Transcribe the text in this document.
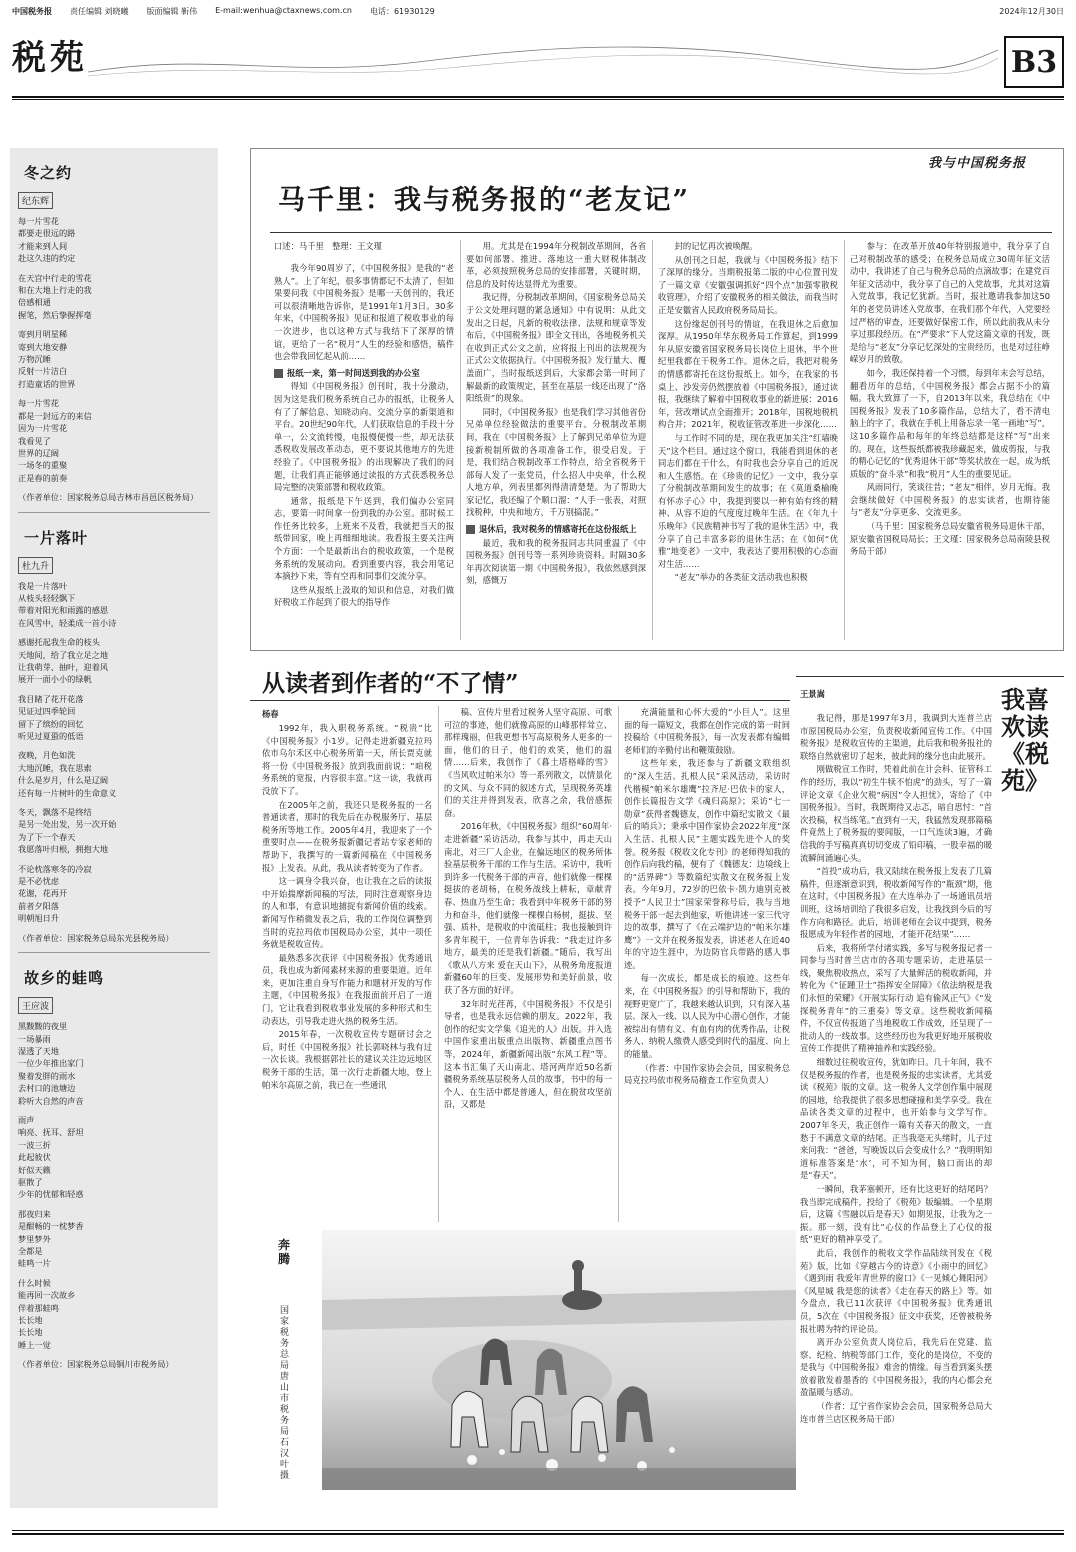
中国税务报 责任编辑 刘晓曦 版面编辑 靳伟 E-mail:wenhua@ctaxnews.com.cn 电话：61930129	2024年12月30日
税苑	B3
冬之约
纪东辉
每一片雪花
都要走很远的路
才能来到人间
赴这久违的约定
在天宫中行走的雪花
和在大地上行走的我
倍感相通
握笔，然后挚握挥毫
寄到月明星稀
寄到大地安静
万物沉睡
反射一片洁白
打造童话的世界
每一片雪花
都是一封远方的来信
因为一片雪花
我看见了
世界的辽阔
一场冬的重聚
正是春的前奏
（作者单位：国家税务总局吉林市昌邑区税务局）
一片落叶
杜九升
我是一片落叶
从枝头轻轻飘下
带着对阳光和雨露的感恩
在风雪中，轻柔成一首小诗
感谢托起我生命的枝头
天地间，给了我立足之地
让我萌芽、抽叶，迎着风
展开一面小小的绿帆
我目睹了花开花落
见证过四季轮回
留下了缤纷的回忆
听见过夏蛩的低语
夜晚，月色如洗
大地沉睡，我在思索
什么是岁月，什么是辽阔
还有每一片树叶的生命意义
冬天，飘落不是终结
是另一处出发，另一次开始
为了下一个春天
我愿落叶归根，拥抱大地
不论枕落寒冬的冷寂
是不必忧虑
花谢，花再开
前者夕阳落
明朝旭日升
（作者单位：国家税务总局东光县税务局）
故乡的蛙鸣
王应波
黑黢黢的夜里
一场暴雨
湿透了天地
一位少年推出家门
聚着发胖的雨水
去村口的池塘边
聆听大自然的声音
雨声
响亮、抚耳、舒坦
一波三折
此起彼伏
好似天籁
驱散了
少年的忧郁和轻惑
那夜归来
是酣畅的一枕梦香
梦里梦外
全都是
蛙鸣一片
什么时候
能再回一次故乡
伴着那蛙鸣
长长地
长长地
睡上一觉
（作者单位：国家税务总局铜川市税务局）
我与中国税务报
马千里：我与税务报的“老友记”
口述：马千里　整理：王文瑾

我今年90周岁了，《中国税务报》是我的“老熟人”。上了年纪，很多事情都记不太清了，但如果要问我《中国税务报》是哪一天创刊的，我还可以很清晰地告诉你，是1991年1月3日。30多年来，《中国税务报》见证和报道了税收事业的每一次进步，也以这种方式与我结下了深厚的情谊，更给了一名“税月”人生的经验和感悟，稿件也会带我回忆起从前……

报纸一来，第一时间送到我的办公室

得知《中国税务报》创刊时，我十分激动，因为这是我们税务系统自己办的报纸，让税务人有了了解信息、知晓动向、交流分享的新渠道和平台。20世纪90年代，人们获取信息的手段十分单一，公文流转慢，电报慢便慢一些，却无法获悉税收发展改革动态，更不要说其他地方的先进经验了。《中国税务报》的出现解决了我们的问题，让我们真正能够通过读报的方式获悉税务总局完整的决策部署和税收政策。

通常，报纸是下午送到，我们偏办公室同志，要第一时间拿一份到我的办公室。那时候工作任务比较多，上班来不及看，我就把当天的报纸带回家，晚上再细细地读。我看报主要关注两个方面：一个是最新出台的税收政策，一个是税务系统的发展动向。看到重要内容，我会用笔记本摘抄下来，等有空再和同事们交流分享。

这些从报纸上汲取的知识和信息，对我们做好税收工作起到了很大的指导作

用。尤其是在1994年分税制改革期间，各省要如何部署、推进、落地这一重大财税体制改革，必须按照税务总局的安排部署，关键时期，信息的及时传达显得尤为重要。

我记得，分税制改革期间，《国家税务总局关于公文处理问题的紧急通知》中有说明：从此文发出之日起，凡新的税收法律、法规和规章等发布后，《中国税务报》即全文刊出，各地税务机关在收到正式公文之前，应将报上刊出的法规视为正式公文依据执行。《中国税务报》发行量大、覆盖面广，当时报纸送到后，大家都会第一时间了解最新的政策规定，甚至在基层一线还出现了“洛阳纸贵”的现象。

同时，《中国税务报》也是我们学习其他省份兄弟单位经验做法的重要平台。分税制改革期间，我在《中国税务报》上了解到兄弟单位为迎接新税制所做的各项准备工作，很受启发。于是，我们结合税制改革工作特点，给全省税务干部每人发了一张党员，什么招人中央单，什么税人地方单，列表里都列得清清楚楚。为了帮助大家记忆，我还编了个顺口溜：“人手一张表，对照找税种，中央和地方，千万别搞混。”

退休后，我对税务的情感寄托在这份报纸上

最近，我和我的税务报同志共同重温了《中国税务报》创刊号等一系列珍贵资料。时隔30多年再次阅读第一期《中国税务报》，我依然感到深刻，感慨万

封的记忆再次被唤醒。

从创刊之日起，我就与《中国税务报》结下了深厚的缘分。当期税报第二版的中心位置刊发了一篇文章《安徽强调抓好“四个点”加强零散税收管理》，介绍了安徽税务的相关做法，而我当时正是安徽省人民政府税务局局长。

这份缘起创刊号的情谊，在我退休之后愈加深厚。从1950年华东税务局工作算起，到1999年从原安徽省国家税务局长岗位上退休，半个世纪里我都在干税务工作。退休之后，我把对税务的情感都寄托在这份报纸上。如今，在我家的书桌上、沙发旁仍然摆放着《中国税务报》，通过读报，我继续了解着中国税收事业的新进展：2016年，营改增试点全面推开；2018年，国税地税机构合并；2021年，税收征管改革进一步深化……

与工作时不同的是，现在我更加关注“红墙晚天”这个栏目。通过这个窗口，我能看到退休的老同志们都在干什么，有时我也会分享自己的近况和人生感悟。在《珍贵的记忆》一文中，我分享了分税制改革期间发生的故事；在《莫道桑榆晚 有怀赤子心》中，我提到要以一种有始有终的精神、从容不迫的气度度过晚年生活。在《年九十 乐晚年》《民族精神书写了我的退休生活》中，我分享了自己丰富多彩的退休生活；在《如何“优雅”地变老》一文中，我表达了要用积极的心态面对生活……

“老友”举办的各类征文活动我也积极

参与：在改革开放40年特别报道中，我分享了自己对税制改革的感受；在税务总局成立30周年征文活动中，我讲述了自己与税务总局的点滴故事；在建党百年征文活动中，我分享了自己的入党故事，尤其对这篇入党故事，我记忆犹新。当时，报社邀请我参加这50年的老党员讲述入党故事，在我们那个年代，入党要经过严格的审查，还要做好保密工作，所以此前我从未分享过那段经历。在“严要求”下人党这篇文章的刊发，既是给与“老友”分享记忆深处的宝贵经历，也是对过往峥嵘岁月的致敬。

如今，我还保持着一个习惯，每到年末会写总结，翻看历年的总结，《中国税务报》都会占据不小的篇幅。我大致算了一下，自2013年以来，我总结在《中国税务报》发表了10多篇作品，总结大了，看不清电脑上的字了，我就在手机上用备忘录一笔一画地“写”，这10多篇作品和每年的年终总结都是这样“写”出来的。现在，这些报纸都被我珍藏起来，做成剪报，与我的精心记忆的“优秀退休干部”等奖状放在一起，成为纸质版的“奋斗录”和我“税月”人生的重要见证。

风雨同行，笑谈往昔；“老友”相伴，岁月无悔。我会继续做好《中国税务报》的忠实读者，也期待能与“老友”分享更多、交流更多。

（马千里：国家税务总局安徽省税务局退休干部，原安徽省国税局局长；王文瑾：国家税务总局南陵县税务局干部）

从读者到作者的“不了情”
杨春

1992年，我入职税务系统。“税贵”比《中国税务报》小1岁。记得走进新疆克拉玛依市乌尔禾区中心税务所第一天，所长贾克就将一份《中国税务报》放到我面前说：“咱税务系统的宽报，内容很丰富。”这一读，我就再没放下了。

在2005年之前，我还只是税务报的一名普通读者，那时的我先后在办税服务厅、基层税务所等地工作。2005年4月，我迎来了一个重要时点——在税务报新疆记者站专家老师的帮助下，我撰写的一篇新闻稿在《中国税务报》上发表。从此，我从读者转变为了作者。

这一调身令我兴奋，也让我在之后的读报中开始揣摩新闻稿的写法，同时注意观察身边的人和事，有意识地捕捉有新闻价值的线索。新闻写作稍微发表之后，我的工作岗位调整到当时的克拉玛依市国税局办公室，其中一项任务就是税收宣传。

最熟悉多次获评《中国税务报》优秀通讯员，我也成为新闻素材来源的重要渠道。近年来，更加注重自身写作能力和题材开发的写作主题，《中国税务报》在我报面前开启了一道门，它让我看到税收事业发展的多种形式和生动表达，引导我走进火热的税务生活。

2015年春，一次税收宣传专题研讨会之后，时任《中国税务报》社长郭晓林与我有过一次长谈。我根据郭社长的建议关注边远地区税务干部的生活，第一次行走新疆大地，登上帕米尔高原之前，我已在一些通讯

稿、宣传片里看过税务人坚守高原、可歌可泣的事迹，他们就像高原的山峰那样耸立、那样瑰丽，但我更想书写高原税务人更多的一面，他们的日子，他们的欢笑，他们的温情……后来，我创作了《暮土塔格峰的雪》《当风吹过帕米尔》等一系列散文，以情景化的文风、与众不同的叙述方式，呈现税务英雄们的关注并得到发表，欣喜之余，我倍感振奋。

2016年秋，《中国税务报》组织“60周年·走进新疆”采访活动，我参与其中，再走天山南北，对三厂人企业，在偏远地区的税务所体验基层税务干部的工作与生活。采访中，我听到许多一代税务干部的声音，他们就像一棵棵挺拔的老胡杨，在税务战线上耕耘，章献青春、热血乃至生命；我看到中年税务干部的努力和奋斗，他们就像一棵棵白杨树，挺拔、坚强、质朴，是税收的中流砥柱；我也接触到许多青年税干，一位青年告诉我：“我走过许多地方，最美的还是我们新疆。”随后，我写出《歌从八方来 爱在天山下》，从税务角度报道新疆60年的巨变、发展形势和美好前景，收获了各方面的好评。

32年时光荏苒，《中国税务报》不仅是引导者，也是我永远信赖的朋友。2022年，我创作的纪实文学集《追光的人》出版。并入选中国作家重出版重点出版物、新疆重点图书等，2024年，新疆新闻出版“东风工程”等。这本书汇集了天山南北、塔河两岸近50名新疆税务系统基层税务人员的故事，书中的每一个人、在生活中都是普通人，但在脱贫攻坚前沿，又都是

充满能量和心怀大爱的“小巨人”。这里面的每一篇短文，我都在创作完成的第一时间投稿给《中国税务报》，每一次发表都有编辑老师们的辛勤付出和鞭策鼓励。

这些年来，我还参与了新疆文联组织的“深入生活、扎根人民”采风活动，采访时代楷模“帕米尔雄鹰”拉齐尼·巴依卡的家人，创作长篇报告文学《魂归高原》；采访“七一勋章”获得者魏德友，创作中篇纪实散文《最后的哨兵》；秉承中国作家协会2022年度“深入生活、扎根人民”主题实践先进个人的奖誉。税务报《税收文化专刊》的老师得知我的创作后向我约稿，便有了《魏德友：边境线上的“活界碑”》等数篇纪实散文在税务报上发表。今年9月，72岁的巴依卡·凯力迪别克被授予“人民卫士”国家荣誉称号后，我与当地税务干部一起去到他家，听他讲述一家三代守边的故事，撰写了《在云端护边的“帕米尔雄鹰”》一文并在税务报发表，讲述老人在近40年的守边生涯中，为边防官兵带路的感人事迹。

每一次成长，都是成长的痕迹。这些年来，在《中国税务报》的引导和帮助下，我的视野更宽广了，我越来越认识到，只有深入基层、深入一线、以人民为中心潜心创作，才能被综出有情有义、有血有肉的优秀作品，让税务人、纳税人缴费人感受到时代的温度、向上的能量。

（作者：中国作家协会会员，国家税务总局克拉玛依市税务局稽查工作室负责人）

奔腾
国家税务总局唐山市税务局　石汉叶　摄
王景嵩	我喜欢读《税苑》

我记得，那是1997年3月，我调到大连普兰店市原国税局办公室，负责税收新闻宣传工作。《中国税务报》是税收宣传的主渠道，此后我和税务报社的联络自然就密切了起来，彼此间的缘分也由此展开。

刚做税宣工作时，凭着此前在计会科、征管科工作的经历，我以“初生牛犊不怕虎”的劲头，写了一篇评论文章《企业欠税“病因”令人担忧》，寄给了《中国税务报》。当时，我既期待又忐忑，暗自思忖：“首次投稿，权当练笔。”直到有一天，我猛然发现那篇稿件竟然上了税务报的要闻版，一口气连读3遍，才确信我的手写稿真真切切变成了铅印稿，一股幸福的暖流瞬间涌遍心头。

“首投”成功后，我又陆续在税务报上发表了几篇稿件，但逐渐意识到，税收新闻写作的“瓶颈”期，他在这时，《中国税务报》在大连举办了一场通讯员培训班，这场培训给了我很多启发，让我找到今后的写作方向和路径。此后，培训老师在会议中提到，税务报愿成为年轻作者的园地，才能开花结果”……

后来，我将所学付诸实践，多写与税务报记者一同参与当时普兰店市的各项专题采访，走进基层一线，聚焦税收热点，采写了大量鲜活的税收新闻，并转化为《“征踵卫士”指挥安全屏障》《依法纳税是我们永恒的荣耀》《开展实际行动 追有偷风正气》《“发探税务青年”的三重奏》等文章。这些税收新闻稿件，不仅宣传报道了当地税收工作成效，还呈现了一批动人的一线故事。这些经历也为我更好地开展税收宣传工作提供了精神抽养和实践经验。

细数过往税收宣传，犹如昨日。几十年间，我不仅是税务报的作者，也是税务报的忠实读者，尤其爱读《税苑》版的文章。这一税务人文学创作集中展现的园地，给我提供了很多思想碰撞和美学享受。我在品读各类文章的过程中，也开始参与文学写作。2007年冬天，我正创作一篇有关春天的散文，一直愁于不满意文章的结尾。正当我毫无头绪时，儿子过来问我：“爸爸，写晚饭以后会变成什么？”我明明知道标准答案是‘水’，可不知为何，脑口而出的却是“春天”。

一瞬间，我茅塞顿开，还有比这更好的结尾吗？我当即完成稿件，投给了《税苑》版编辑。一个星期后，这篇《雪融以后是春天》如期见报，让我为之一振。那一刻，没有比“心仪的作品登上了心仪的报纸”更好的精神享受了。

此后，我创作的税收文学作品陆续刊发在《税苑》版，比如《穿越古今的诗意》《小雨中的回忆》《遇到雨 我爱年青世界的窗口》《一见倾心舞阳河》《风星城 我是您的读者》《走在春天的路上》等。如今盘点，我已11次获评《中国税务报》优秀通讯员，5次在《中国税务报》征文中获奖，还曾被税务报社聘为特约评论员。

离开办公室负责人岗位后，我先后在党建、监察、纪检、纳税等部门工作，变化的是岗位，不变的是我与《中国税务报》难舍的情缘。每当看到案头摆放着散发着墨香的《中国税务报》，我的内心都会充盈温暖与感动。

（作者：辽宁省作家协会会员，国家税务总局大连市普兰店区税务局干部）
